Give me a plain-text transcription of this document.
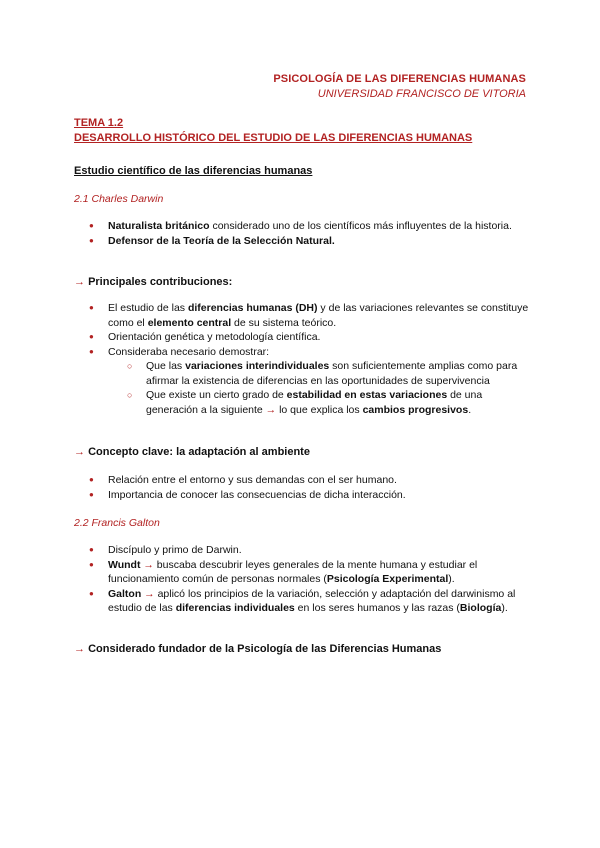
PSICOLOGÍA DE LAS DIFERENCIAS HUMANAS
UNIVERSIDAD FRANCISCO DE VITORIA
TEMA 1.2
DESARROLLO HISTÓRICO DEL ESTUDIO DE LAS DIFERENCIAS HUMANAS
Estudio científico de las diferencias humanas
2.1 Charles Darwin
● Naturalista británico considerado uno de los científicos más influyentes de la historia.
● Defensor de la Teoría de la Selección Natural.
→ Principales contribuciones:
● El estudio de las diferencias humanas (DH) y de las variaciones relevantes se constituye como el elemento central de su sistema teórico.
● Orientación genética y metodología científica.
● Consideraba necesario demostrar:
○ Que las variaciones interindividuales son suficientemente amplias como para afirmar la existencia de diferencias en las oportunidades de supervivencia
○ Que existe un cierto grado de estabilidad en estas variaciones de una generación a la siguiente → lo que explica los cambios progresivos.
→ Concepto clave: la adaptación al ambiente
● Relación entre el entorno y sus demandas con el ser humano.
● Importancia de conocer las consecuencias de dicha interacción.
2.2 Francis Galton
● Discípulo y primo de Darwin.
● Wundt → buscaba descubrir leyes generales de la mente humana y estudiar el funcionamiento común de personas normales (Psicología Experimental).
● Galton → aplicó los principios de la variación, selección y adaptación del darwinismo al estudio de las diferencias individuales en los seres humanos y las razas (Biología).
→ Considerado fundador de la Psicología de las Diferencias Humanas
